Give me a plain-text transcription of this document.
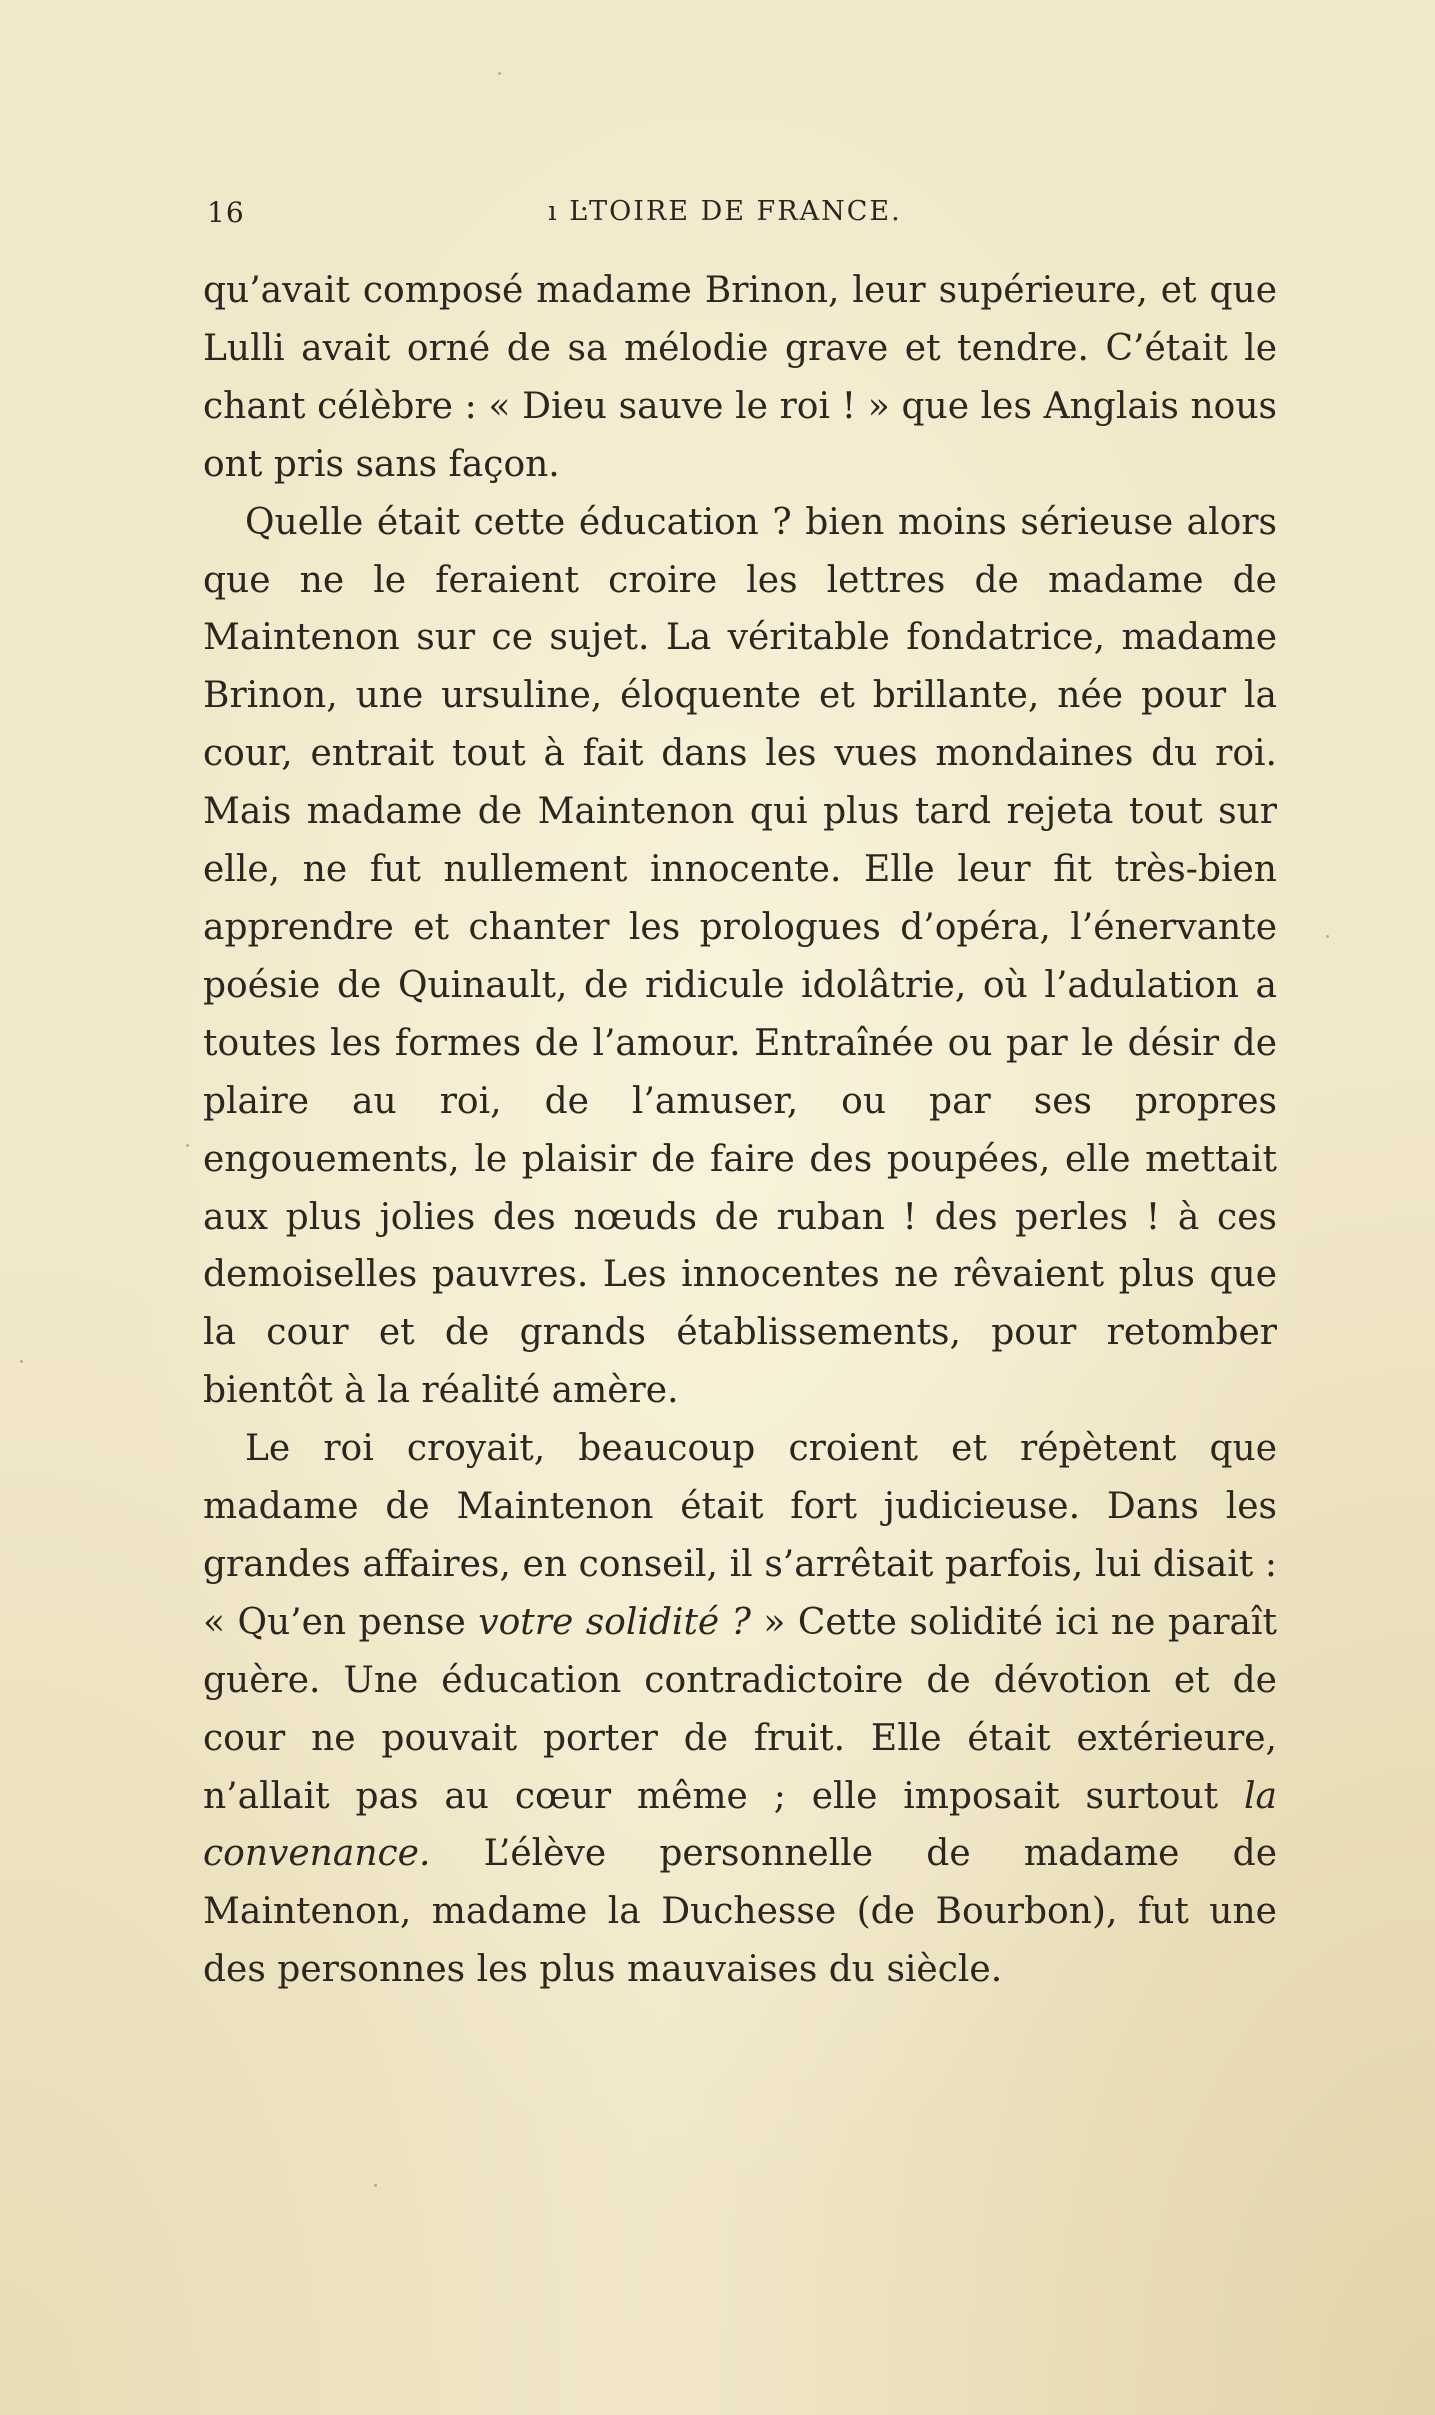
16	ı ĿTOIRE DE FRANCE.

qu’avait composé madame Brinon, leur supérieure, et que Lulli avait orné de sa mélodie grave et tendre. C’était le chant célèbre : « Dieu sauve le roi ! » que les Anglais nous ont pris sans façon.

Quelle était cette éducation ? bien moins sérieuse alors que ne le feraient croire les lettres de madame de Maintenon sur ce sujet. La véritable fondatrice, madame Brinon, une ursuline, éloquente et brillante, née pour la cour, entrait tout à fait dans les vues mondaines du roi. Mais madame de Maintenon qui plus tard rejeta tout sur elle, ne fut nullement innocente. Elle leur fit très-bien apprendre et chanter les prologues d’opéra, l’énervante poésie de Quinault, de ridicule idolâtrie, où l’adulation a toutes les formes de l’amour. Entraînée ou par le désir de plaire au roi, de l’amuser, ou par ses propres engouements, le plaisir de faire des poupées, elle mettait aux plus jolies des nœuds de ruban ! des perles ! à ces demoiselles pauvres. Les innocentes ne rêvaient plus que la cour et de grands établissements, pour retomber bientôt à la réalité amère.

Le roi croyait, beaucoup croient et répètent que madame de Maintenon était fort judicieuse. Dans les grandes affaires, en conseil, il s’arrêtait parfois, lui disait : « Qu’en pense votre solidité ? » Cette solidité ici ne paraît guère. Une éducation contradictoire de dévotion et de cour ne pouvait porter de fruit. Elle était extérieure, n’allait pas au cœur même ; elle imposait surtout la convenance. L’élève personnelle de madame de Maintenon, madame la Duchesse (de Bourbon), fut une des personnes les plus mauvaises du siècle.
